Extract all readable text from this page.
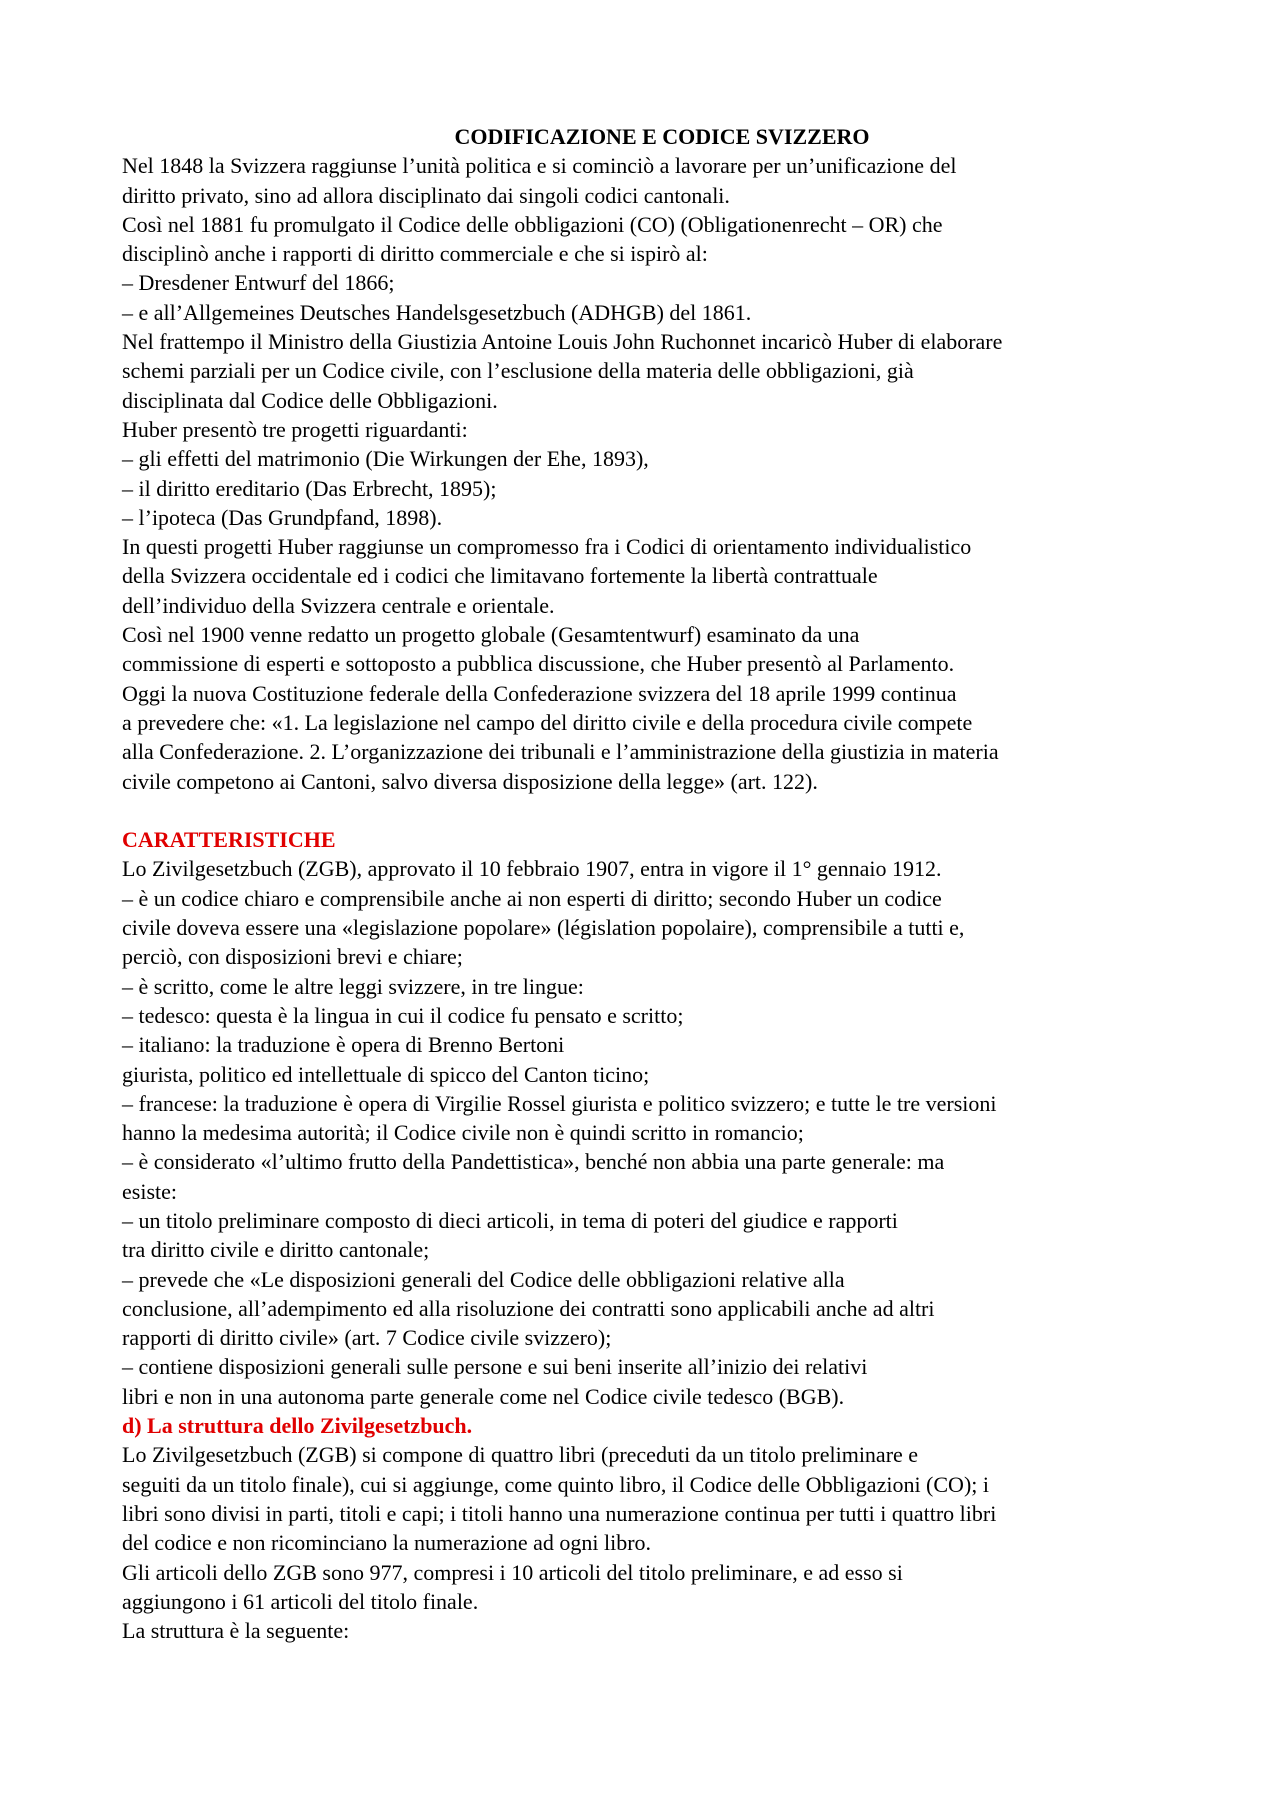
CODIFICAZIONE E CODICE SVIZZERO
Nel 1848 la Svizzera raggiunse l’unità politica e si cominciò a lavorare per un’unificazione del
diritto privato, sino ad allora disciplinato dai singoli codici cantonali.
Così nel 1881 fu promulgato il Codice delle obbligazioni (CO) (Obligationenrecht – OR) che
disciplinò anche i rapporti di diritto commerciale e che si ispirò al:
– Dresdener Entwurf del 1866;
– e all’Allgemeines Deutsches Handelsgesetzbuch (ADHGB) del 1861.
Nel frattempo il Ministro della Giustizia Antoine Louis John Ruchonnet incaricò Huber di elaborare
schemi parziali per un Codice civile, con l’esclusione della materia delle obbligazioni, già
disciplinata dal Codice delle Obbligazioni.
Huber presentò tre progetti riguardanti:
– gli effetti del matrimonio (Die Wirkungen der Ehe, 1893),
– il diritto ereditario (Das Erbrecht, 1895);
– l’ipoteca (Das Grundpfand, 1898).
In questi progetti Huber raggiunse un compromesso fra i Codici di orientamento individualistico
della Svizzera occidentale ed i codici che limitavano fortemente la libertà contrattuale
dell’individuo della Svizzera centrale e orientale.
Così nel 1900 venne redatto un progetto globale (Gesamtentwurf) esaminato da una
commissione di esperti e sottoposto a pubblica discussione, che Huber presentò al Parlamento.
Oggi la nuova Costituzione federale della Confederazione svizzera del 18 aprile 1999 continua
a prevedere che: «1. La legislazione nel campo del diritto civile e della procedura civile compete
alla Confederazione. 2. L’organizzazione dei tribunali e l’amministrazione della giustizia in materia
civile competono ai Cantoni, salvo diversa disposizione della legge» (art. 122).
CARATTERISTICHE
Lo Zivilgesetzbuch (ZGB), approvato il 10 febbraio 1907, entra in vigore il 1° gennaio 1912.
– è un codice chiaro e comprensibile anche ai non esperti di diritto; secondo Huber un codice
civile doveva essere una «legislazione popolare» (législation popolaire), comprensibile a tutti e,
perciò, con disposizioni brevi e chiare;
– è scritto, come le altre leggi svizzere, in tre lingue:
– tedesco: questa è la lingua in cui il codice fu pensato e scritto;
– italiano: la traduzione è opera di Brenno Bertoni
giurista, politico ed intellettuale di spicco del Canton ticino;
– francese: la traduzione è opera di Virgilie Rossel giurista e politico svizzero; e tutte le tre versioni
hanno la medesima autorità; il Codice civile non è quindi scritto in romancio;
– è considerato «l’ultimo frutto della Pandettistica», benché non abbia una parte generale: ma
esiste:
– un titolo preliminare composto di dieci articoli, in tema di poteri del giudice e rapporti
tra diritto civile e diritto cantonale;
– prevede che «Le disposizioni generali del Codice delle obbligazioni relative alla
conclusione, all’adempimento ed alla risoluzione dei contratti sono applicabili anche ad altri
rapporti di diritto civile» (art. 7 Codice civile svizzero);
– contiene disposizioni generali sulle persone e sui beni inserite all’inizio dei relativi
libri e non in una autonoma parte generale come nel Codice civile tedesco (BGB).
d) La struttura dello Zivilgesetzbuch.
Lo Zivilgesetzbuch (ZGB) si compone di quattro libri (preceduti da un titolo preliminare e
seguiti da un titolo finale), cui si aggiunge, come quinto libro, il Codice delle Obbligazioni (CO); i
libri sono divisi in parti, titoli e capi; i titoli hanno una numerazione continua per tutti i quattro libri
del codice e non ricominciano la numerazione ad ogni libro.
Gli articoli dello ZGB sono 977, compresi i 10 articoli del titolo preliminare, e ad esso si
aggiungono i 61 articoli del titolo finale.
La struttura è la seguente:
